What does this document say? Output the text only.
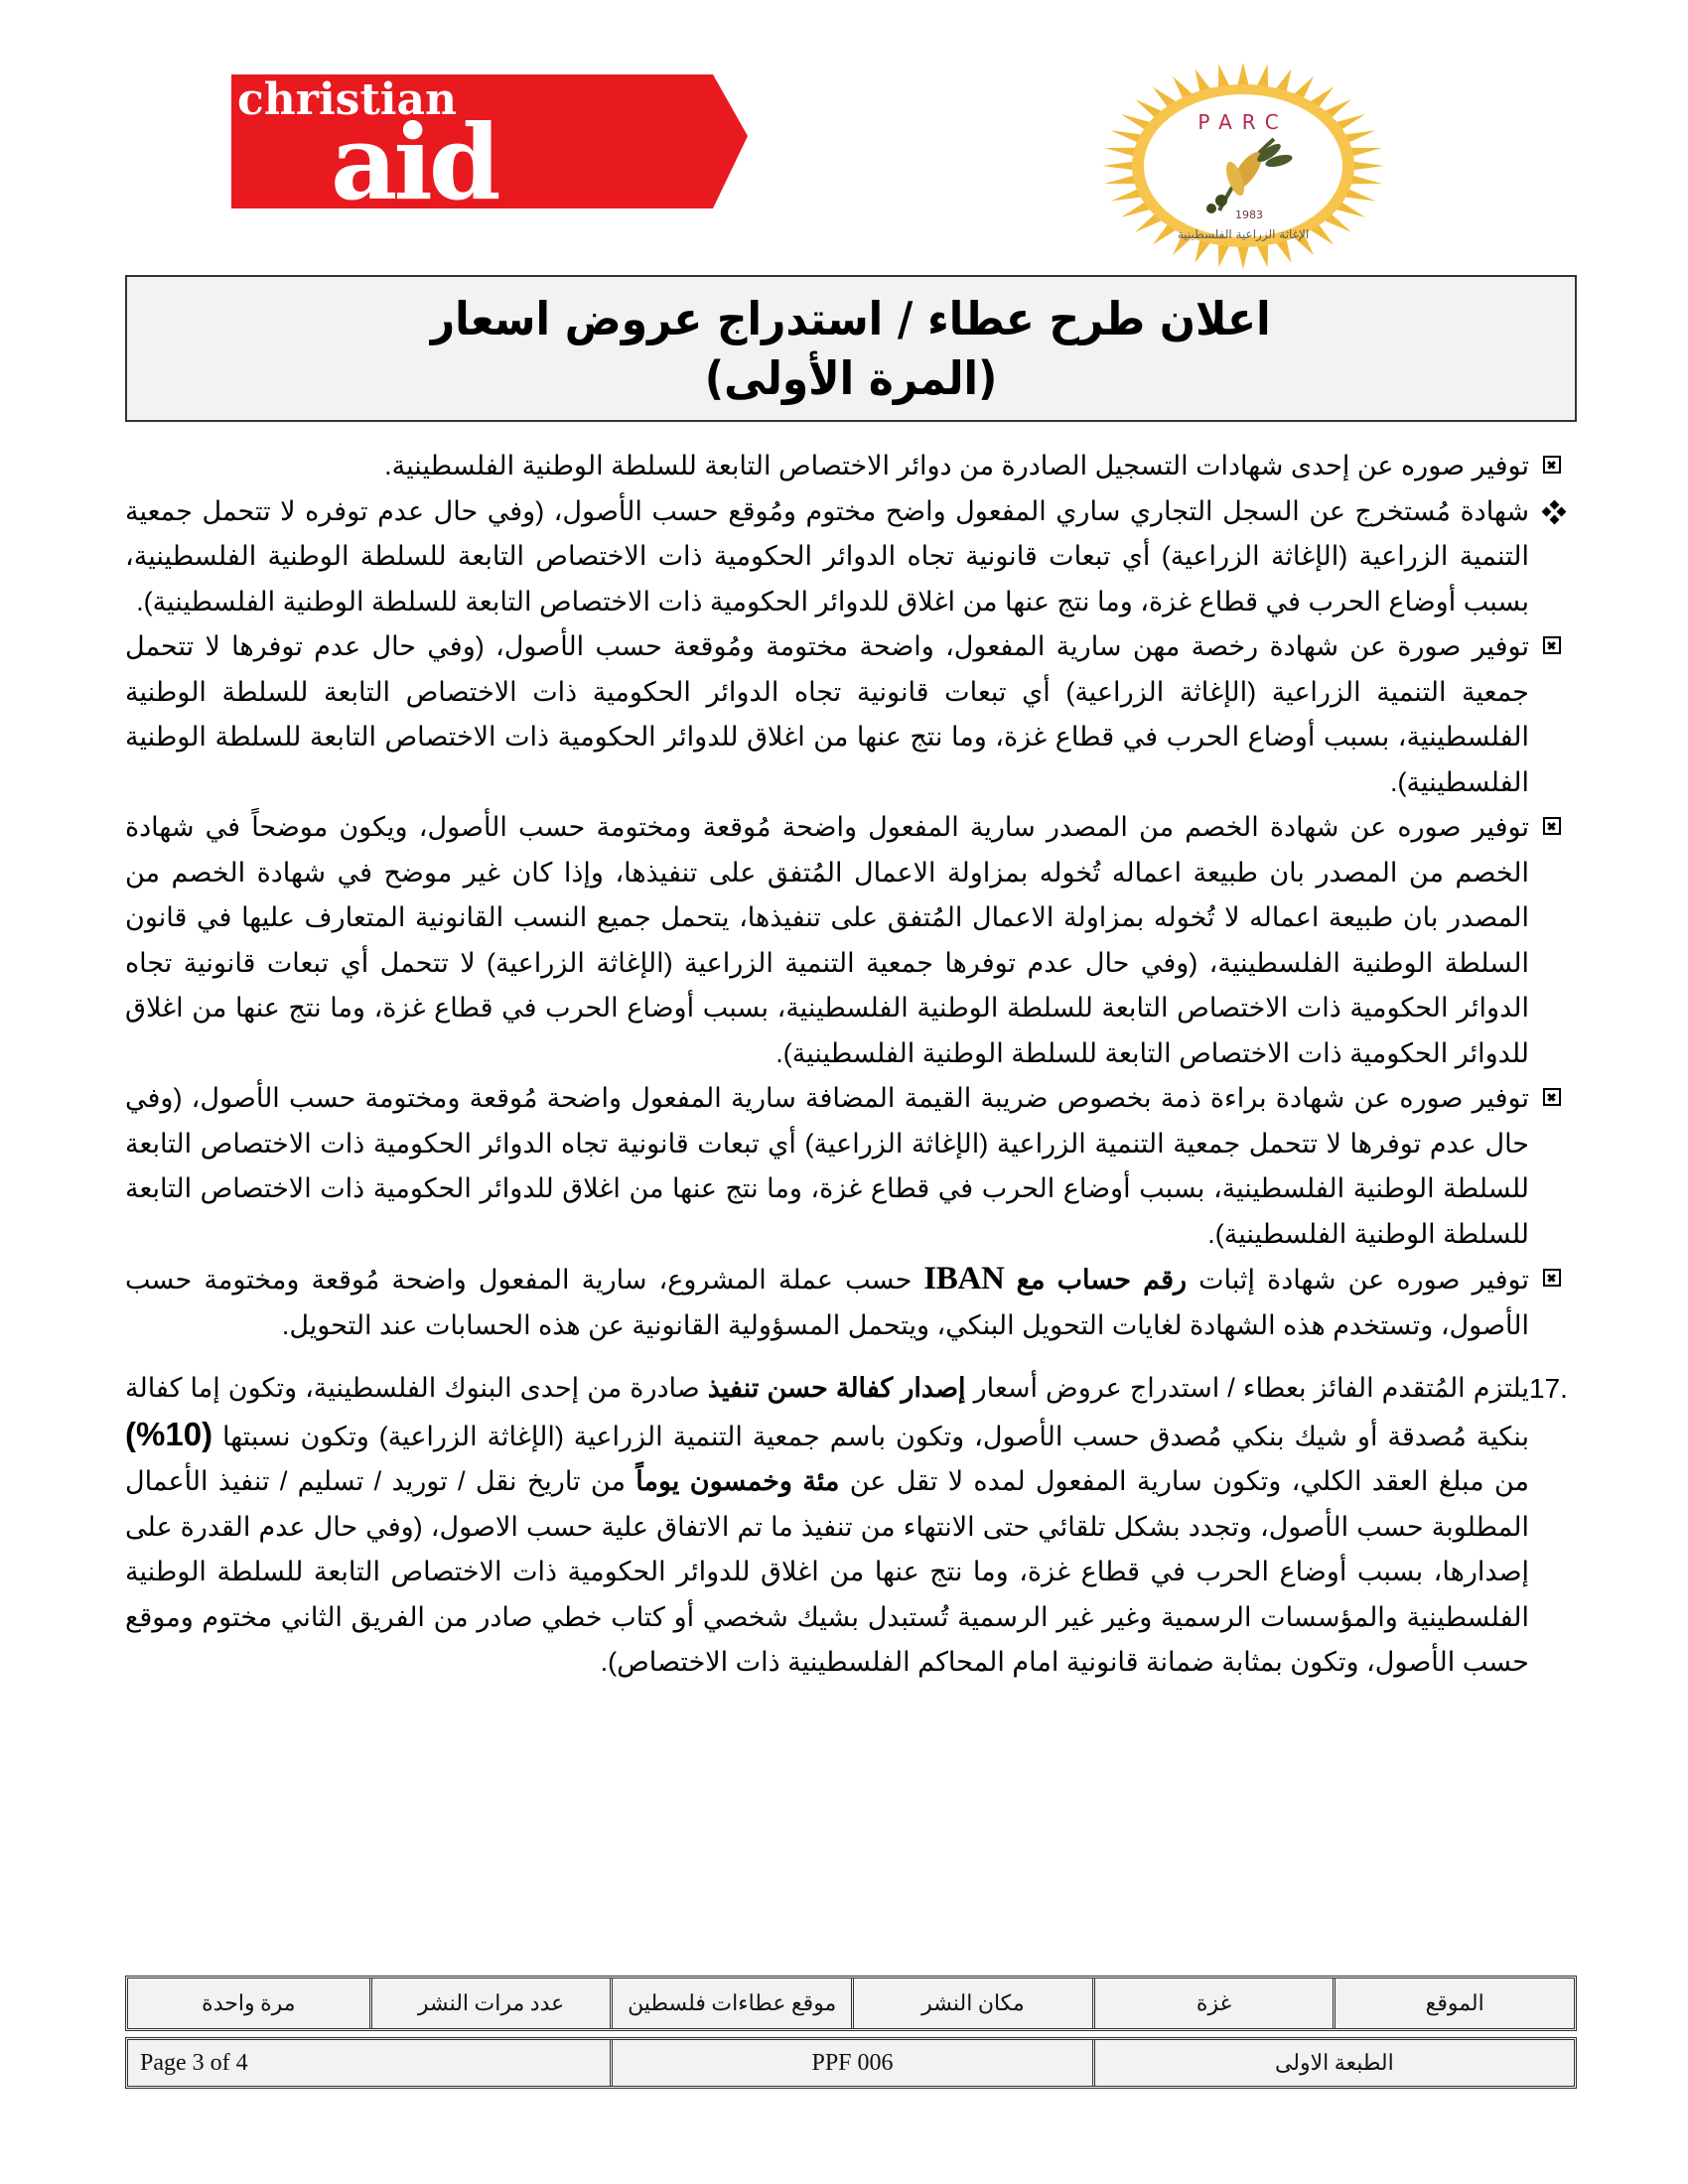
christian
aid	PARC
1983
الإغاثة الزراعية الفلسطينية
اعلان طرح عطاء / استدراج عروض اسعار
(المرة الأولى)
توفير صوره عن إحدى شهادات التسجيل الصادرة من دوائر الاختصاص التابعة للسلطة الوطنية الفلسطينية.
شهادة مُستخرج عن السجل التجاري ساري المفعول واضح مختوم ومُوقع حسب الأصول، (وفي حال عدم توفره لا تتحمل جمعية التنمية الزراعية (الإغاثة الزراعية) أي تبعات قانونية تجاه الدوائر الحكومية ذات الاختصاص التابعة للسلطة الوطنية الفلسطينية، بسبب أوضاع الحرب في قطاع غزة، وما نتج عنها من اغلاق للدوائر الحكومية ذات الاختصاص التابعة للسلطة الوطنية الفلسطينية).
توفير صورة عن شهادة رخصة مهن سارية المفعول، واضحة مختومة ومُوقعة حسب الأصول، (وفي حال عدم توفرها لا تتحمل جمعية التنمية الزراعية (الإغاثة الزراعية) أي تبعات قانونية تجاه الدوائر الحكومية ذات الاختصاص التابعة للسلطة الوطنية الفلسطينية، بسبب أوضاع الحرب في قطاع غزة، وما نتج عنها من اغلاق للدوائر الحكومية ذات الاختصاص التابعة للسلطة الوطنية الفلسطينية).
توفير صوره عن شهادة الخصم من المصدر سارية المفعول واضحة مُوقعة ومختومة حسب الأصول، ويكون موضحاً في شهادة الخصم من المصدر بان طبيعة اعماله تُخوله بمزاولة الاعمال المُتفق على تنفيذها، وإذا كان غير موضح في شهادة الخصم من المصدر بان طبيعة اعماله لا تُخوله بمزاولة الاعمال المُتفق على تنفيذها، يتحمل جميع النسب القانونية المتعارف عليها في قانون السلطة الوطنية الفلسطينية، (وفي حال عدم توفرها جمعية التنمية الزراعية (الإغاثة الزراعية) لا تتحمل أي تبعات قانونية تجاه الدوائر الحكومية ذات الاختصاص التابعة للسلطة الوطنية الفلسطينية، بسبب أوضاع الحرب في قطاع غزة، وما نتج عنها من اغلاق للدوائر الحكومية ذات الاختصاص التابعة للسلطة الوطنية الفلسطينية).
توفير صوره عن شهادة براءة ذمة بخصوص ضريبة القيمة المضافة سارية المفعول واضحة مُوقعة ومختومة حسب الأصول، (وفي حال عدم توفرها لا تتحمل جمعية التنمية الزراعية (الإغاثة الزراعية) أي تبعات قانونية تجاه الدوائر الحكومية ذات الاختصاص التابعة للسلطة الوطنية الفلسطينية، بسبب أوضاع الحرب في قطاع غزة، وما نتج عنها من اغلاق للدوائر الحكومية ذات الاختصاص التابعة للسلطة الوطنية الفلسطينية).
توفير صوره عن شهادة إثبات رقم حساب مع IBAN حسب عملة المشروع، سارية المفعول واضحة مُوقعة ومختومة حسب الأصول، وتستخدم هذه الشهادة لغايات التحويل البنكي، ويتحمل المسؤولية القانونية عن هذه الحسابات عند التحويل.
17.
يلتزم المُتقدم الفائز بعطاء / استدراج عروض أسعار إصدار كفالة حسن تنفيذ صادرة من إحدى البنوك الفلسطينية، وتكون إما كفالة بنكية مُصدقة أو شيك بنكي مُصدق حسب الأصول، وتكون باسم جمعية التنمية الزراعية (الإغاثة الزراعية) وتكون نسبتها (10%) من مبلغ العقد الكلي، وتكون سارية المفعول لمده لا تقل عن مئة وخمسون يوماً من تاريخ نقل / توريد / تسليم / تنفيذ الأعمال المطلوبة حسب الأصول، وتجدد بشكل تلقائي حتى الانتهاء من تنفيذ ما تم الاتفاق علية حسب الاصول، (وفي حال عدم القدرة على إصدارها، بسبب أوضاع الحرب في قطاع غزة، وما نتج عنها من اغلاق للدوائر الحكومية ذات الاختصاص التابعة للسلطة الوطنية الفلسطينية والمؤسسات الرسمية وغير غير الرسمية تُستبدل بشيك شخصي أو كتاب خطي صادر من الفريق الثاني مختوم وموقع حسب الأصول، وتكون بمثابة ضمانة قانونية امام المحاكم الفلسطينية ذات الاختصاص).
الموقع	غزة	مكان النشر	موقع عطاءات فلسطين	عدد مرات النشر	مرة واحدة
الطبعة الاولى	PPF 006	Page 3 of 4
